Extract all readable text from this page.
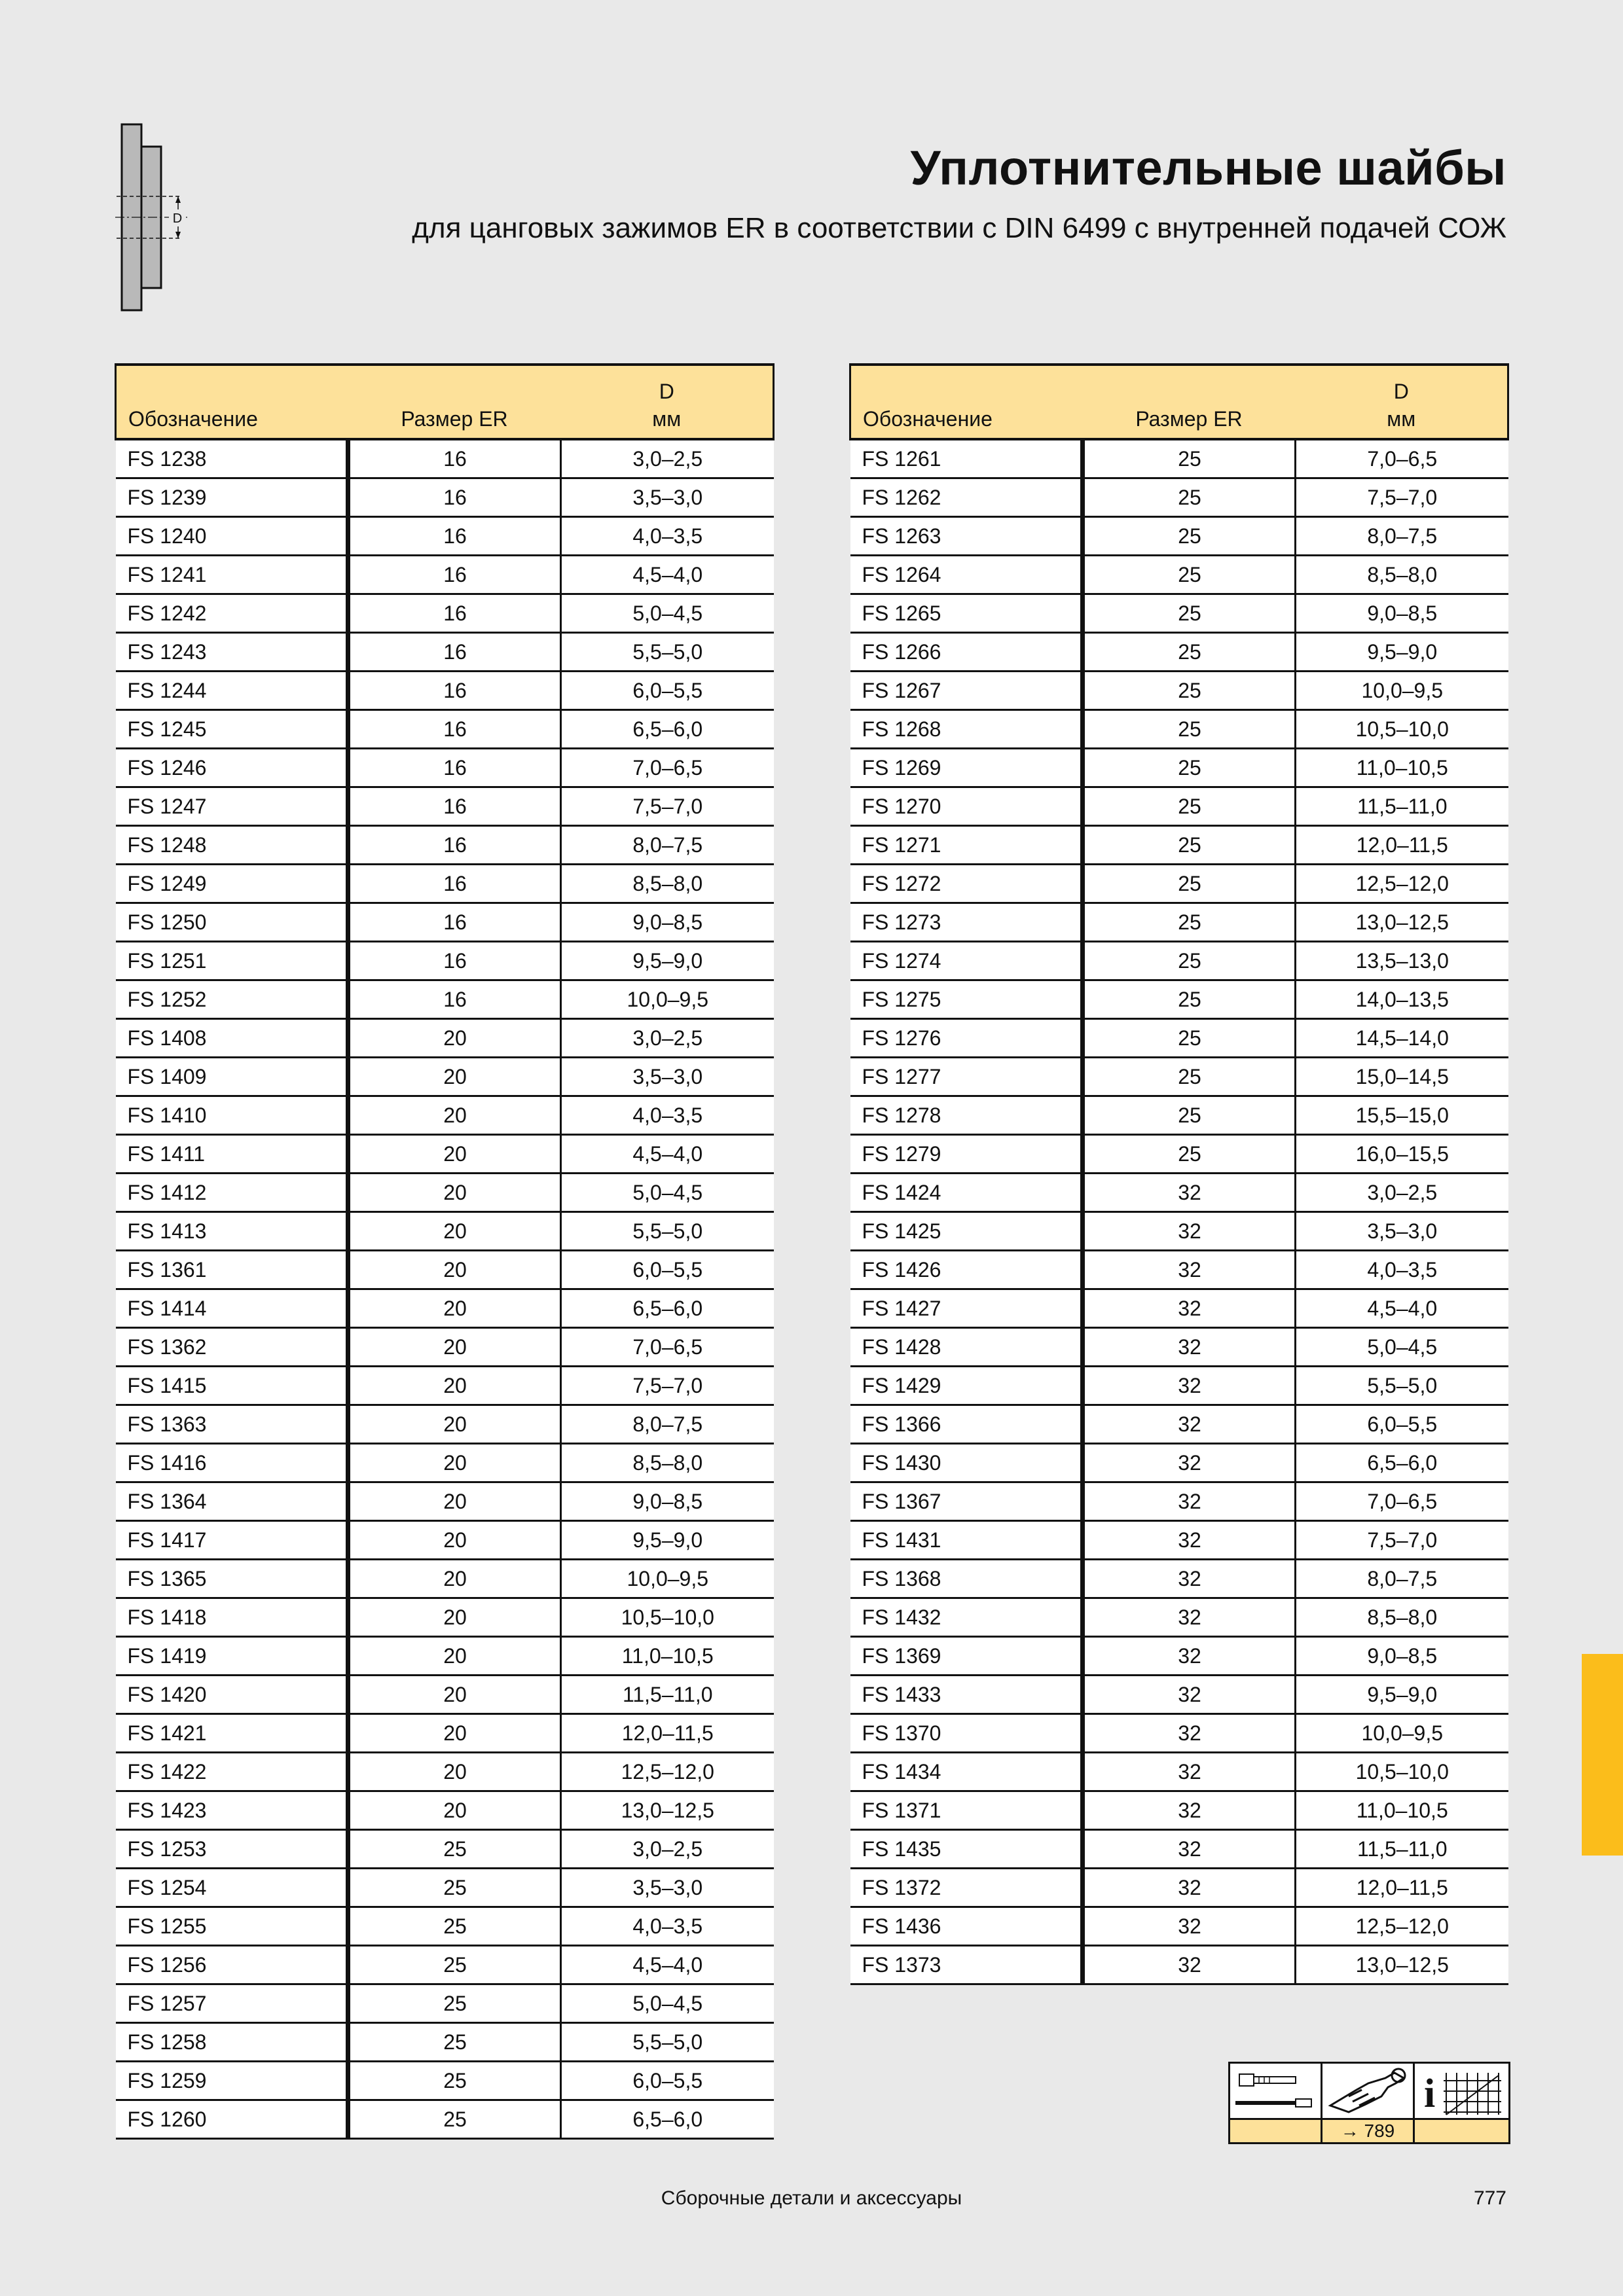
D
Уплотнительные шайбы

для цанговых зажимов ER в соответствии с DIN 6499 с внутренней подачей СОЖ

Обозначение	Размер ER	D
мм

FS 1238	16	3,0–2,5
FS 1239	16	3,5–3,0
FS 1240	16	4,0–3,5
FS 1241	16	4,5–4,0
FS 1242	16	5,0–4,5
FS 1243	16	5,5–5,0
FS 1244	16	6,0–5,5
FS 1245	16	6,5–6,0
FS 1246	16	7,0–6,5
FS 1247	16	7,5–7,0
FS 1248	16	8,0–7,5
FS 1249	16	8,5–8,0
FS 1250	16	9,0–8,5
FS 1251	16	9,5–9,0
FS 1252	16	10,0–9,5
FS 1408	20	3,0–2,5
FS 1409	20	3,5–3,0
FS 1410	20	4,0–3,5
FS 1411	20	4,5–4,0
FS 1412	20	5,0–4,5
FS 1413	20	5,5–5,0
FS 1361	20	6,0–5,5
FS 1414	20	6,5–6,0
FS 1362	20	7,0–6,5
FS 1415	20	7,5–7,0
FS 1363	20	8,0–7,5
FS 1416	20	8,5–8,0
FS 1364	20	9,0–8,5
FS 1417	20	9,5–9,0
FS 1365	20	10,0–9,5
FS 1418	20	10,5–10,0
FS 1419	20	11,0–10,5
FS 1420	20	11,5–11,0
FS 1421	20	12,0–11,5
FS 1422	20	12,5–12,0
FS 1423	20	13,0–12,5
FS 1253	25	3,0–2,5
FS 1254	25	3,5–3,0
FS 1255	25	4,0–3,5
FS 1256	25	4,5–4,0
FS 1257	25	5,0–4,5
FS 1258	25	5,5–5,0
FS 1259	25	6,0–5,5
FS 1260	25	6,5–6,0
Обозначение	Размер ER	D
мм

FS 1261	25	7,0–6,5
FS 1262	25	7,5–7,0
FS 1263	25	8,0–7,5
FS 1264	25	8,5–8,0
FS 1265	25	9,0–8,5
FS 1266	25	9,5–9,0
FS 1267	25	10,0–9,5
FS 1268	25	10,5–10,0
FS 1269	25	11,0–10,5
FS 1270	25	11,5–11,0
FS 1271	25	12,0–11,5
FS 1272	25	12,5–12,0
FS 1273	25	13,0–12,5
FS 1274	25	13,5–13,0
FS 1275	25	14,0–13,5
FS 1276	25	14,5–14,0
FS 1277	25	15,0–14,5
FS 1278	25	15,5–15,0
FS 1279	25	16,0–15,5
FS 1424	32	3,0–2,5
FS 1425	32	3,5–3,0
FS 1426	32	4,0–3,5
FS 1427	32	4,5–4,0
FS 1428	32	5,0–4,5
FS 1429	32	5,5–5,0
FS 1366	32	6,0–5,5
FS 1430	32	6,5–6,0
FS 1367	32	7,0–6,5
FS 1431	32	7,5–7,0
FS 1368	32	8,0–7,5
FS 1432	32	8,5–8,0
FS 1369	32	9,0–8,5
FS 1433	32	9,5–9,0
FS 1370	32	10,0–9,5
FS 1434	32	10,5–10,0
FS 1371	32	11,0–10,5
FS 1435	32	11,5–11,0
FS 1372	32	12,0–11,5
FS 1436	32	12,5–12,0
FS 1373	32	13,0–12,5
i
→ 789

Сборочные детали и аксессуары	777
